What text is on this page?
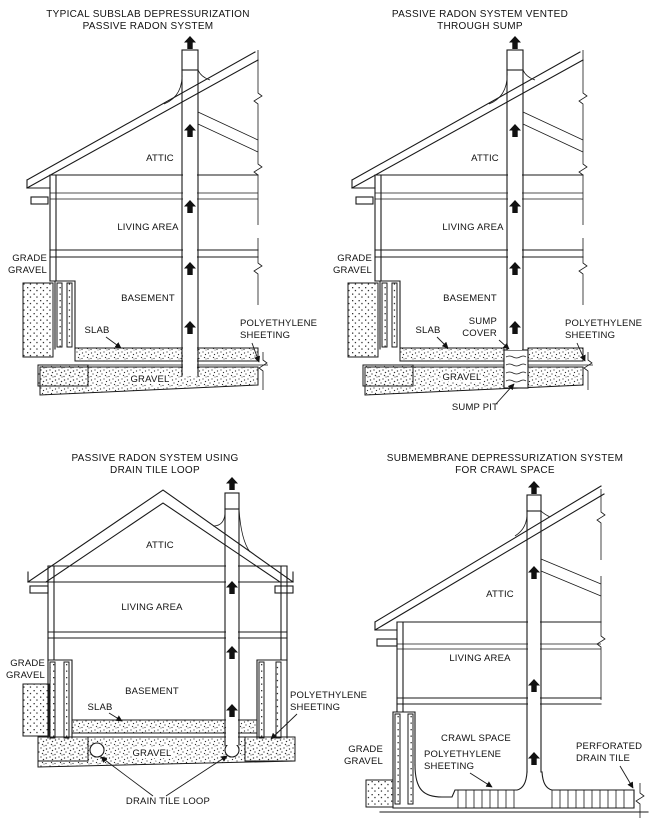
TYPICAL SUBSLAB DEPRESSURIZATION
PASSIVE RADON SYSTEM
ATTIC
LIVING AREA
BASEMENT
GRADE
GRAVEL
SLAB
GRAVEL
POLYETHYLENE
SHEETING
PASSIVE RADON SYSTEM VENTED
THROUGH SUMP
ATTIC
LIVING AREA
BASEMENT
GRADE
GRAVEL
SLAB
SUMP
COVER
GRAVEL
SUMP PIT
POLYETHYLENE
SHEETING
PASSIVE RADON SYSTEM USING
DRAIN TILE LOOP
ATTIC
LIVING AREA
BASEMENT
GRADE
GRAVEL
SLAB
GRAVEL
POLYETHYLENE
SHEETING
DRAIN TILE LOOP
SUBMEMBRANE DEPRESSURIZATION SYSTEM
FOR CRAWL SPACE
ATTIC
LIVING AREA
CRAWL SPACE
GRADE
GRAVEL
POLYETHYLENE
SHEETING
PERFORATED
DRAIN TILE
